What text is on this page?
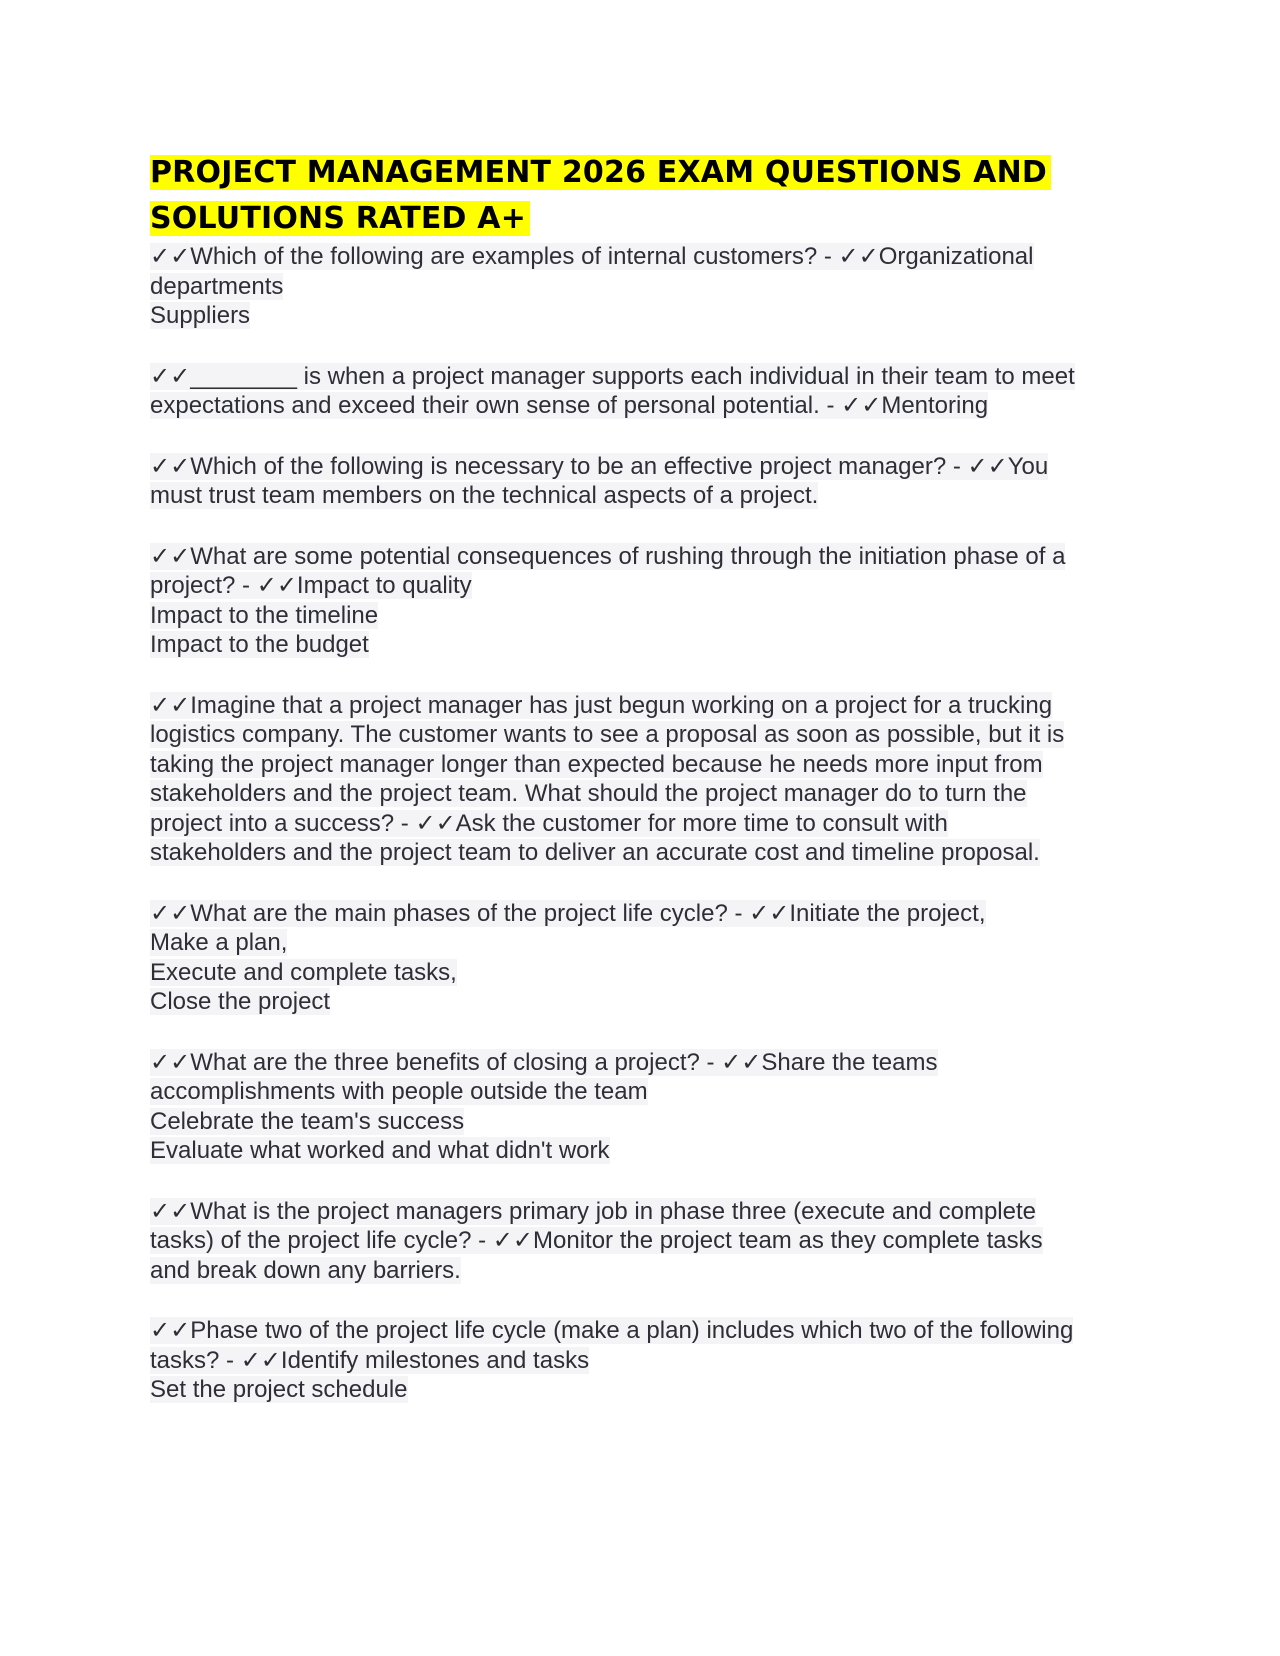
PROJECT MANAGEMENT 2026 EXAM QUESTIONS AND
SOLUTIONS RATED A+
✓✓Which of the following are examples of internal customers? - ✓✓Organizational
departments
Suppliers
✓✓________ is when a project manager supports each individual in their team to meet
expectations and exceed their own sense of personal potential. - ✓✓Mentoring
✓✓Which of the following is necessary to be an effective project manager? - ✓✓You
must trust team members on the technical aspects of a project.
✓✓What are some potential consequences of rushing through the initiation phase of a
project? - ✓✓Impact to quality
Impact to the timeline
Impact to the budget
✓✓Imagine that a project manager has just begun working on a project for a trucking
logistics company. The customer wants to see a proposal as soon as possible, but it is
taking the project manager longer than expected because he needs more input from
stakeholders and the project team. What should the project manager do to turn the
project into a success? - ✓✓Ask the customer for more time to consult with
stakeholders and the project team to deliver an accurate cost and timeline proposal.
✓✓What are the main phases of the project life cycle? - ✓✓Initiate the project,
Make a plan,
Execute and complete tasks,
Close the project
✓✓What are the three benefits of closing a project? - ✓✓Share the teams
accomplishments with people outside the team
Celebrate the team's success
Evaluate what worked and what didn't work
✓✓What is the project managers primary job in phase three (execute and complete
tasks) of the project life cycle? - ✓✓Monitor the project team as they complete tasks
and break down any barriers.
✓✓Phase two of the project life cycle (make a plan) includes which two of the following
tasks? - ✓✓Identify milestones and tasks
Set the project schedule
